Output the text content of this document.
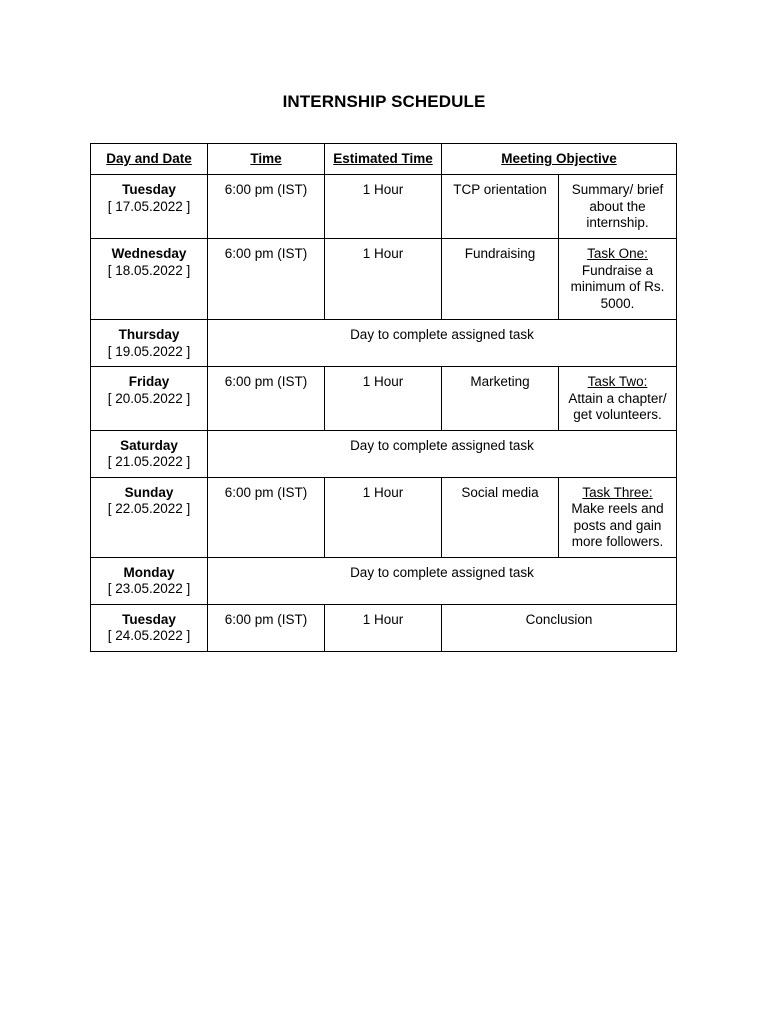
INTERNSHIP SCHEDULE
Day and Date	Time	Estimated Time	Meeting Objective	

Tuesday
[ 17.05.2022 ]	6:00 pm (IST)	1 Hour	TCP orientation	Summary/ brief about the internship.

Wednesday
[ 18.05.2022 ]	6:00 pm (IST)	1 Hour	Fundraising	Task One:
Fundraise a minimum of Rs. 5000.

Thursday
[ 19.05.2022 ]	Day to complete assigned task			

Friday
[ 20.05.2022 ]	6:00 pm (IST)	1 Hour	Marketing	Task Two:
Attain a chapter/ get volunteers.

Saturday
[ 21.05.2022 ]	Day to complete assigned task			

Sunday
[ 22.05.2022 ]	6:00 pm (IST)	1 Hour	Social media	Task Three:
Make reels and posts and gain more followers.

Monday
[ 23.05.2022 ]	Day to complete assigned task			

Tuesday
[ 24.05.2022 ]	6:00 pm (IST)	1 Hour	Conclusion	
